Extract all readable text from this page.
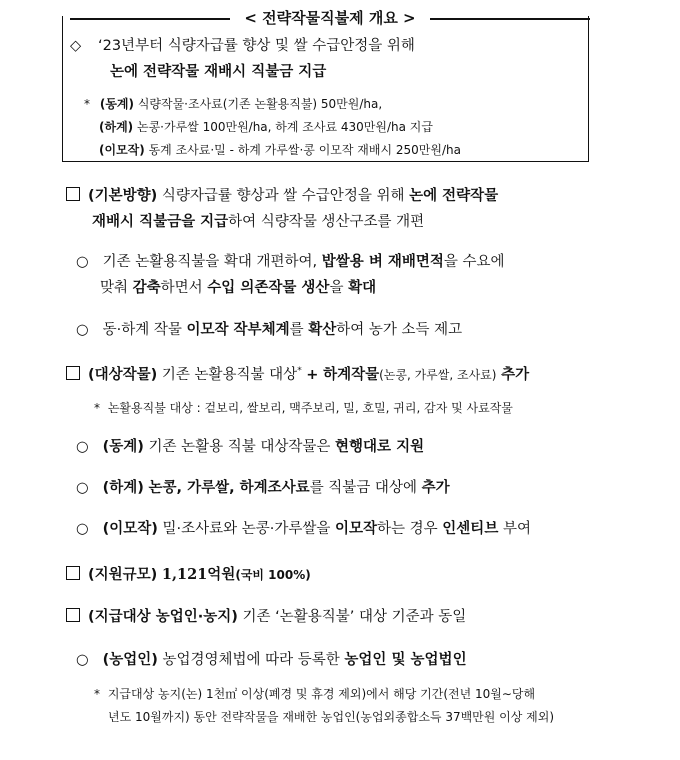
< 전략작물직불제 개요 >
◇ ‘23년부터 식량자급률 향상 및 쌀 수급안정을 위해
논에 전략작물 재배시 직불금 지급
* (동계) 식량작물·조사료(기존 논활용직불) 50만원/ha,
(하계) 논콩·가루쌀 100만원/ha, 하계 조사료 430만원/ha 지급
(이모작) 동계 조사료·밀 - 하계 가루쌀·콩 이모작 재배시 250만원/ha
(기본방향) 식량자급률 향상과 쌀 수급안정을 위해 논에 전략작물
재배시 직불금을 지급하여 식량작물 생산구조를 개편
○ 기존 논활용직불을 확대 개편하여, 밥쌀용 벼 재배면적을 수요에
맞춰 감축하면서 수입 의존작물 생산을 확대
○ 동·하계 작물 이모작 작부체계를 확산하여 농가 소득 제고
(대상작물) 기존 논활용직불 대상* + 하계작물(논콩, 가루쌀, 조사료) 추가
* 논활용직불 대상 : 겉보리, 쌀보리, 맥주보리, 밀, 호밀, 귀리, 감자 및 사료작물
○ (동계) 기존 논활용 직불 대상작물은 현행대로 지원
○ (하계) 논콩, 가루쌀, 하계조사료를 직불금 대상에 추가
○ (이모작) 밀·조사료와 논콩·가루쌀을 이모작하는 경우 인센티브 부여
(지원규모) 1,121억원(국비 100%)
(지급대상 농업인·농지) 기존 ‘논활용직불’ 대상 기준과 동일
○ (농업인) 농업경영체법에 따라 등록한 농업인 및 농업법인
* 지급대상 농지(논) 1천㎡ 이상(폐경 및 휴경 제외)에서 해당 기간(전년 10월∼당해
년도 10월까지) 동안 전략작물을 재배한 농업인(농업외종합소득 37백만원 이상 제외)
